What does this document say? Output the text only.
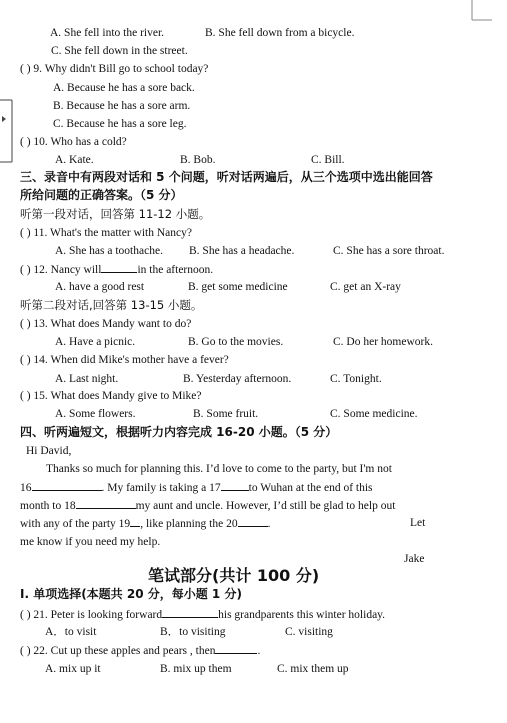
A. She fell into the river.	B. She fell down from a bicycle.
C. She fell down in the street.
( ) 9. Why didn't Bill go to school today?
A. Because he has a sore back.
B. Because he has a sore arm.
C. Because he has a sore leg.
( ) 10. Who has a cold?
A. Kate.	B. Bob.	C. Bill.
三、录音中有两段对话和 5 个问题，听对话两遍后，从三个选项中选出能回答
所给问题的正确答案。（5 分）
听第一段对话，回答第 11-12 小题。
( ) 11. What's the matter with Nancy?
A. She has a toothache. B. She has a headache.	C. She has a sore throat.
A. have a good rest	B. get some medicine	C. get an X-ray
听第二段对话,回答第 13-15 小题。
( ) 13. What does Mandy want to do?
A. Have a picnic.	B. Go to the movies.	C. Do her homework.
( ) 14. When did Mike's mother have a fever?
A. Last night.	B. Yesterday afternoon.	C. Tonight.
( ) 15. What does Mandy give to Mike?
A. Some flowers.	B. Some fruit.	C. Some medicine.
四、听两遍短文，根据听力内容完成 16-20 小题。（5 分）
Hi David,
Thanks so much for planning this. I’d love to come to the party, but I'm not
Let
me know if you need my help.
Jake
笔试部分(共计 100 分)
I. 单项选择(本题共 20 分，每小题 1 分)
A．to visit	B．to visiting	C. visiting
A. mix up it	B. mix up them	C. mix them up
( ) 12. Nancy will	in the afternoon.
16	. My family is taking a 17 to Wuhan at the end of this
month to 18	my aunt and uncle. However, I’d still be glad to help out
with any of the party 19 , like planning the 20	.
( ) 21. Peter is looking forward	his grandparents this winter holiday.
( ) 22. Cut up these apples and pears , then	.
